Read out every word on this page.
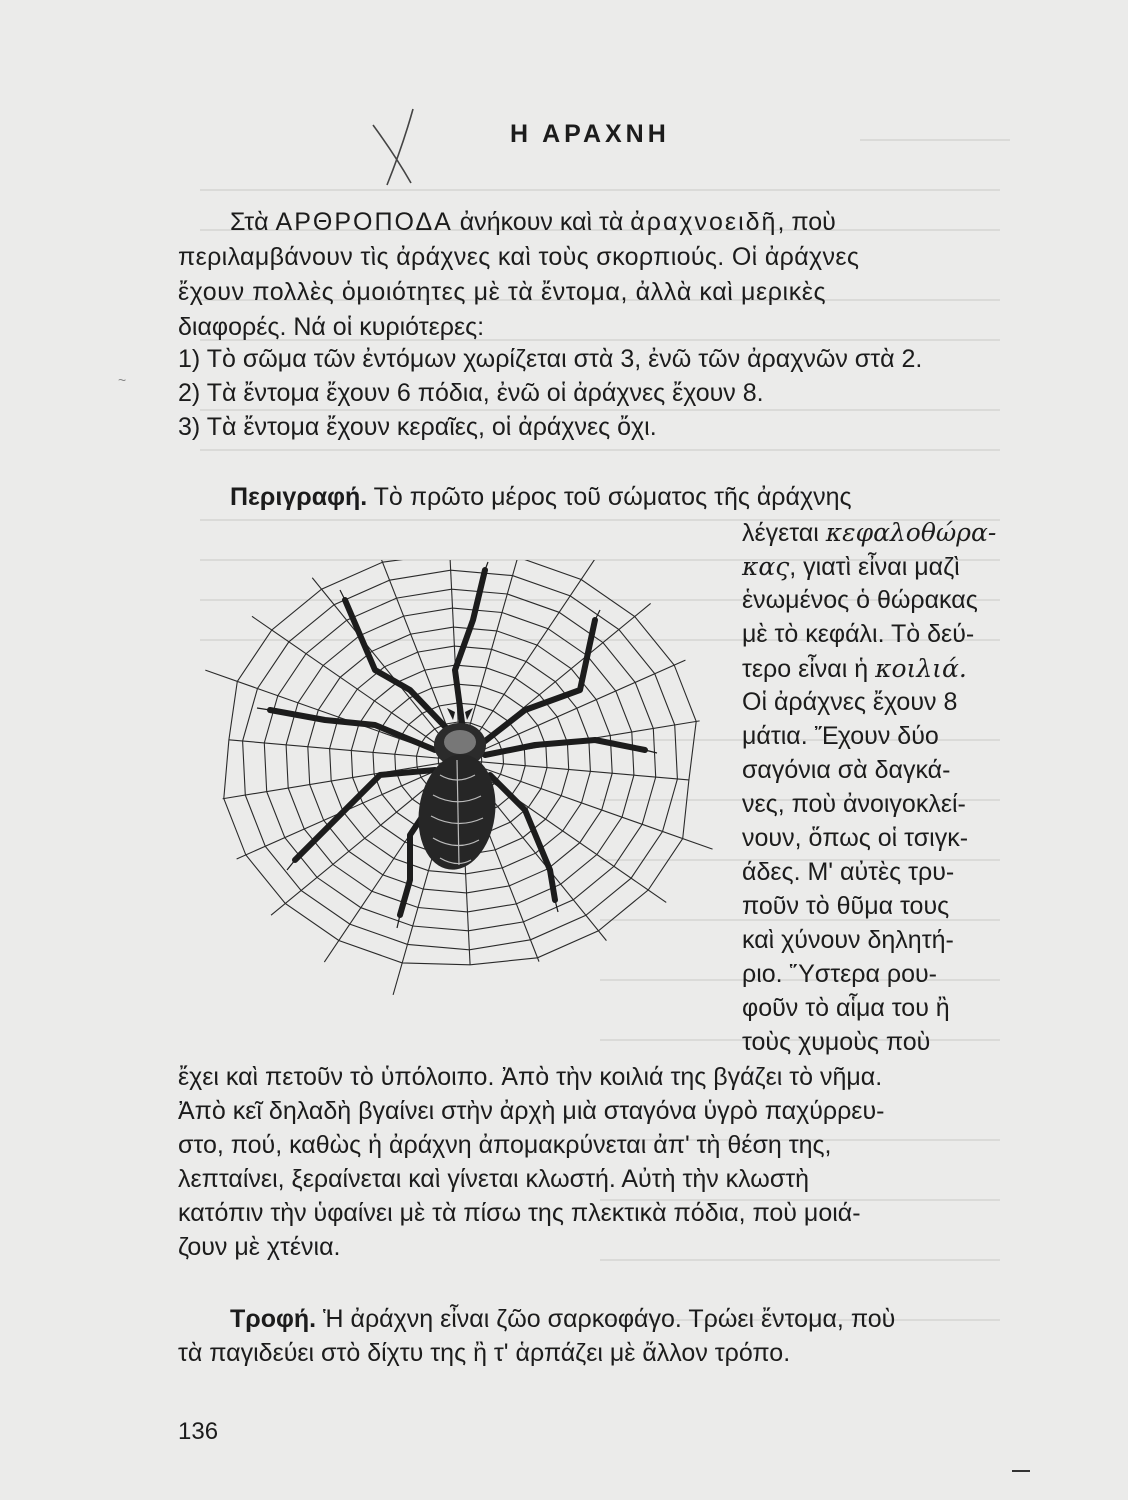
Η ΑΡΑΧΝΗ
Στὰ ΑΡΘΡΟΠΟΔΑ ἀνήκουν καὶ τὰ ἀραχνοειδῆ, ποὺ
περιλαμβάνουν τὶς ἀράχνες καὶ τοὺς σκορπιούς. Οἱ ἀράχνες
ἔχουν πολλὲς ὁμοιότητες μὲ τὰ ἔντομα, ἀλλὰ καὶ μερικὲς
διαφορές. Νά οἱ κυριότερες:
1) Τὸ σῶμα τῶν ἐντόμων χωρίζεται στὰ 3, ἐνῶ τῶν ἀραχνῶν στὰ 2.
2) Τὰ ἔντομα ἔχουν 6 πόδια, ἐνῶ οἱ ἀράχνες ἔχουν 8.
3) Τὰ ἔντομα ἔχουν κεραῖες, οἱ ἀράχνες ὄχι.
Περιγραφή. Τὸ πρῶτο μέρος τοῦ σώματος τῆς ἀράχνης
λέγεται κεφαλοθώρα-
κας, γιατὶ εἶναι μαζὶ
ἑνωμένος ὁ θώρακας
μὲ τὸ κεφάλι. Τὸ δεύ-
τερο εἶναι ἡ κοιλιά.
Οἱ ἀράχνες ἔχουν 8
μάτια. Ἔχουν δύο
σαγόνια σὰ δαγκά-
νες, ποὺ ἀνοιγοκλεί-
νουν, ὅπως οἱ τσιγκ-
άδες. Μ' αὐτὲς τρυ-
ποῦν τὸ θῦμα τους
καὶ χύνουν δηλητή-
ριο. Ὕστερα ρου-
φοῦν τὸ αἷμα του ἢ
τοὺς χυμοὺς ποὺ
ἔχει καὶ πετοῦν τὸ ὑπόλοιπο. Ἀπὸ τὴν κοιλιά της βγάζει τὸ νῆμα.
Ἀπὸ κεῖ δηλαδὴ βγαίνει στὴν ἀρχὴ μιὰ σταγόνα ὑγρὸ παχύρρευ-
στο, πού, καθὼς ἡ ἀράχνη ἀπομακρύνεται ἀπ' τὴ θέση της,
λεπταίνει, ξεραίνεται καὶ γίνεται κλωστή. Αὐτὴ τὴν κλωστὴ
κατόπιν τὴν ὑφαίνει μὲ τὰ πίσω της πλεκτικὰ πόδια, ποὺ μοιά-
ζουν μὲ χτένια.
Τροφή. Ἡ ἀράχνη εἶναι ζῶο σαρκοφάγο. Τρώει ἔντομα, ποὺ
τὰ παγιδεύει στὸ δίχτυ της ἢ τ' ἁρπάζει μὲ ἄλλον τρόπο.
~
136
